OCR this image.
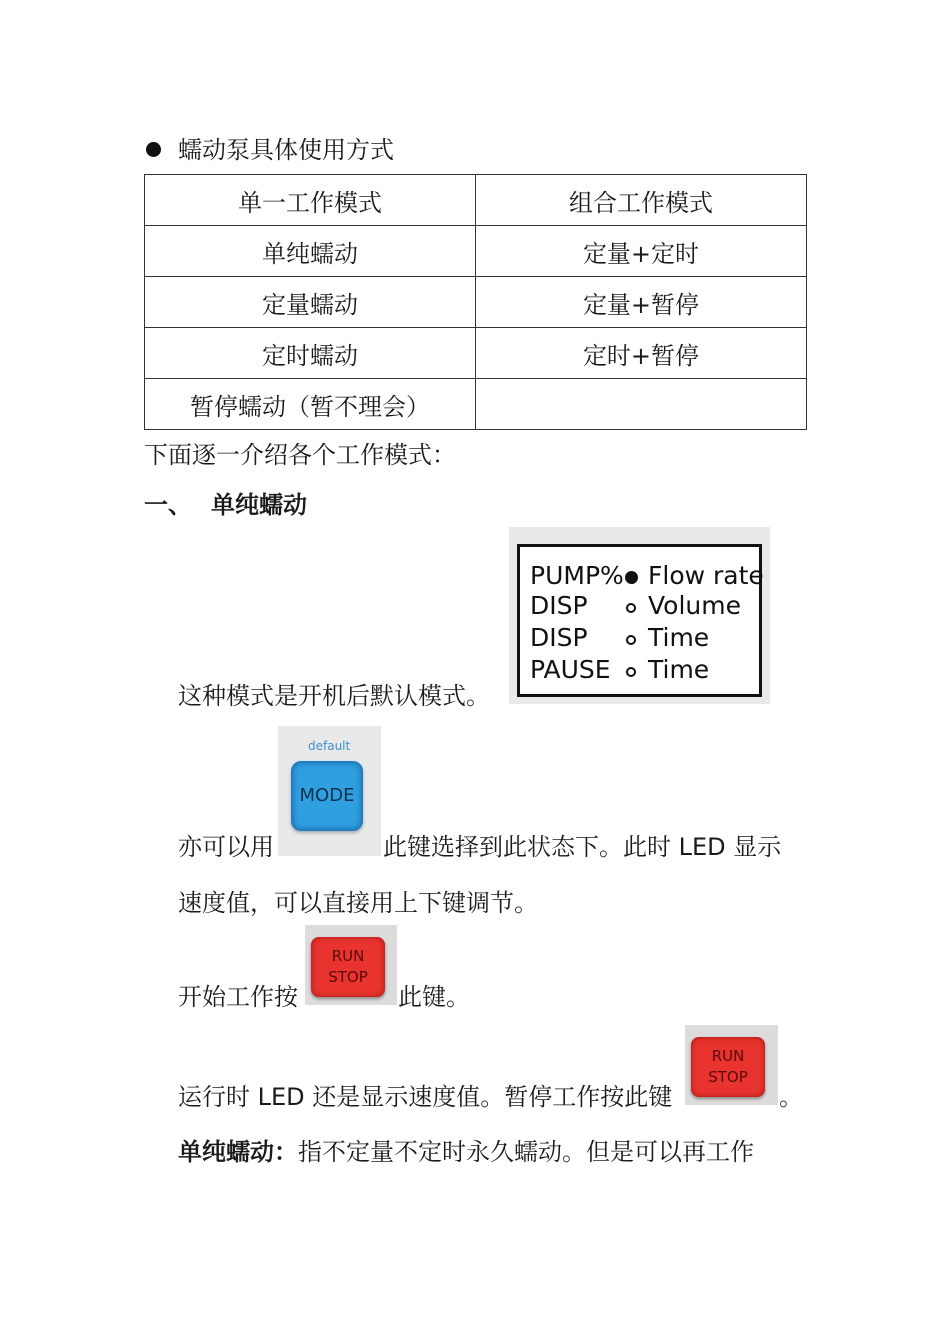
蠕动泵具体使用方式
单一工作模式	组合工作模式
单纯蠕动	定量+定时
定量蠕动	定量+暂停
定时蠕动	定时+暂停
暂停蠕动（暂不理会）	
下面逐一介绍各个工作模式：
一、 单纯蠕动
PUMP% Flow rate
DISP Volume
DISP Time
PAUSE Time
这种模式是开机后默认模式。
default
MODE
亦可以用	此键选择到此状态下。此时 LED 显示
速度值，可以直接用上下键调节。
RUN
STOP
开始工作按	此键。
RUN
STOP
运行时 LED 还是显示速度值。暂停工作按此键	。
单纯蠕动：指不定量不定时永久蠕动。但是可以再工作
